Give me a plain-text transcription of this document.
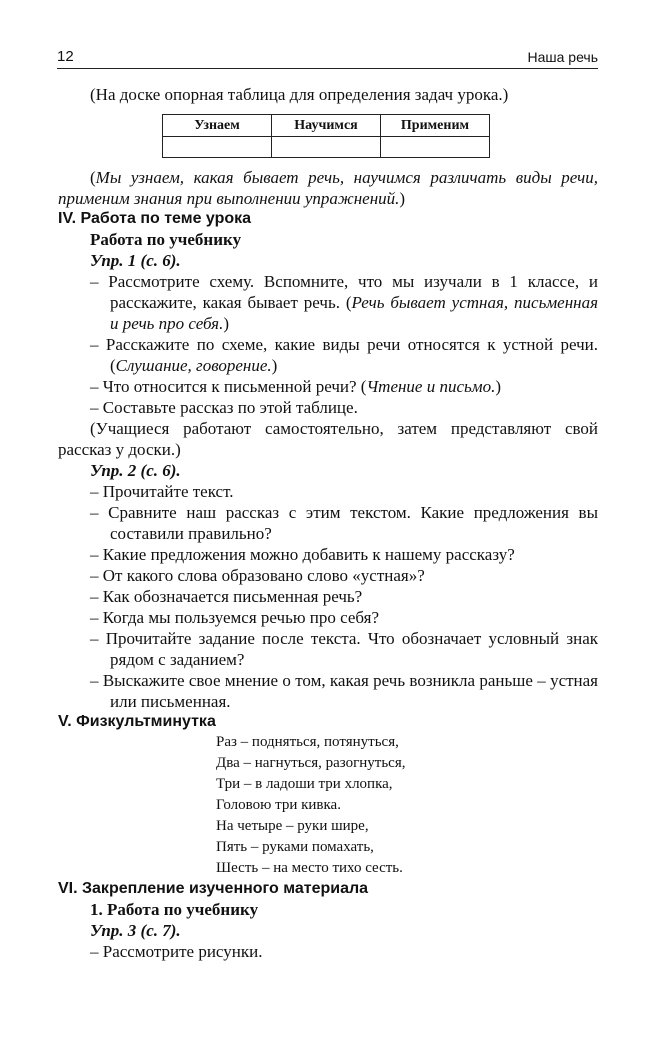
12	Наша речь

(На доске опорная таблица для определения задач урока.)

Узнаем	Научимся	Применим

(Мы узнаем, какая бывает речь, научимся различать виды речи, применим знания при выполнении упражнений.)

IV. Работа по теме урока

Работа по учебнику

Упр. 1 (с. 6).

– Рассмотрите схему. Вспомните, что мы изучали в 1 классе, и расскажите, какая бывает речь. (Речь бывает устная, письменная и речь про себя.)

– Расскажите по схеме, какие виды речи относятся к устной речи. (Слушание, говорение.)

– Что относится к письменной речи? (Чтение и письмо.)

– Составьте рассказ по этой таблице.

(Учащиеся работают самостоятельно, затем представляют свой рассказ у доски.)

Упр. 2 (с. 6).

– Прочитайте текст.

– Сравните наш рассказ с этим текстом. Какие предложения вы составили правильно?

– Какие предложения можно добавить к нашему рассказу?

– От какого слова образовано слово «устная»?

– Как обозначается письменная речь?

– Когда мы пользуемся речью про себя?

– Прочитайте задание после текста. Что обозначает условный знак рядом с заданием?

– Выскажите свое мнение о том, какая речь возникла раньше – устная или письменная.

V. Физкультминутка

Раз – подняться, потянуться,

Два – нагнуться, разогнуться,

Три – в ладоши три хлопка,

Головою три кивка.

На четыре – руки шире,

Пять – руками помахать,

Шесть – на место тихо сесть.

VI. Закрепление изученного материала

1. Работа по учебнику

Упр. 3 (с. 7).

– Рассмотрите рисунки.
